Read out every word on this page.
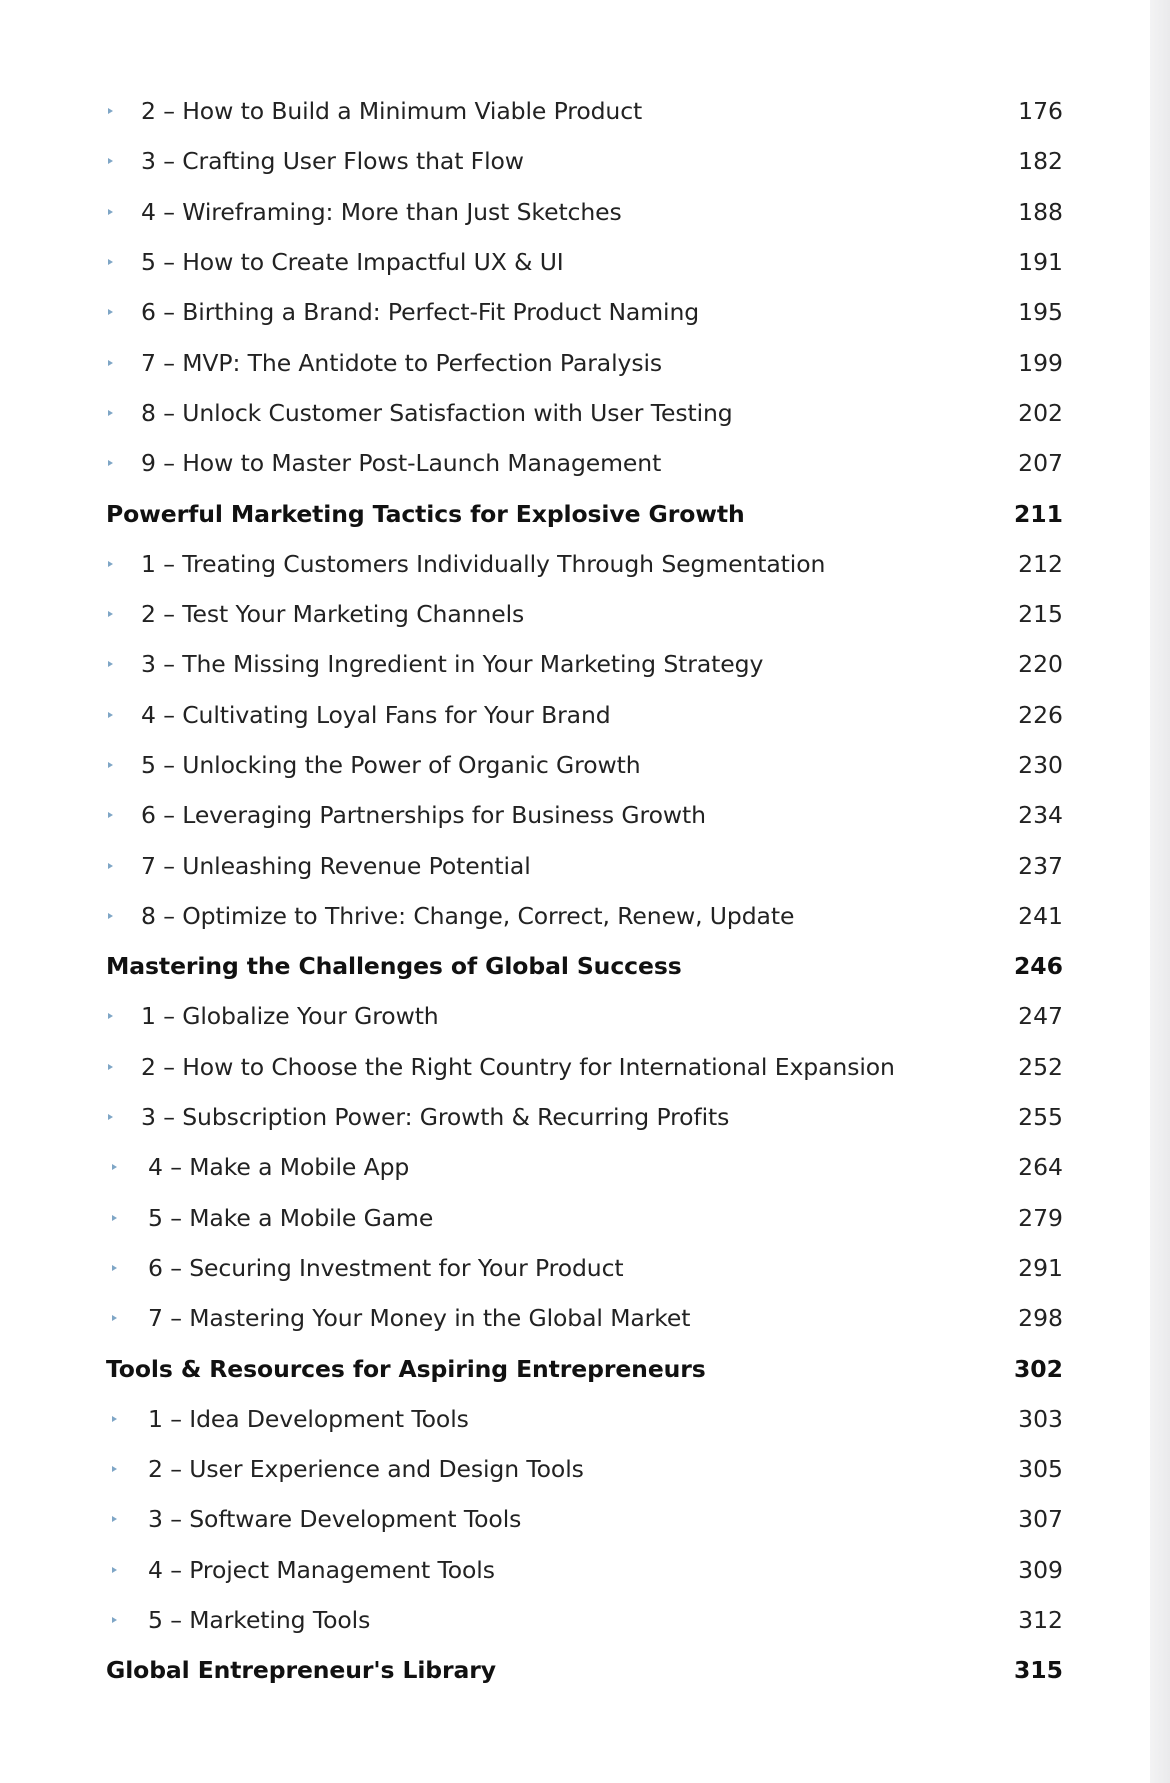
2 – How to Build a Minimum Viable Product	176
3 – Crafting User Flows that Flow	182
4 – Wireframing: More than Just Sketches	188
5 – How to Create Impactful UX & UI	191
6 – Birthing a Brand: Perfect-Fit Product Naming	195
7 – MVP: The Antidote to Perfection Paralysis	199
8 – Unlock Customer Satisfaction with User Testing	202
9 – How to Master Post-Launch Management	207
Powerful Marketing Tactics for Explosive Growth	211
1 – Treating Customers Individually Through Segmentation	212
2 – Test Your Marketing Channels	215
3 – The Missing Ingredient in Your Marketing Strategy	220
4 – Cultivating Loyal Fans for Your Brand	226
5 – Unlocking the Power of Organic Growth	230
6 – Leveraging Partnerships for Business Growth	234
7 – Unleashing Revenue Potential	237
8 – Optimize to Thrive: Change, Correct, Renew, Update	241
Mastering the Challenges of Global Success	246
1 – Globalize Your Growth	247
2 – How to Choose the Right Country for International Expansion	252
3 – Subscription Power: Growth & Recurring Profits	255
4 – Make a Mobile App	264
5 – Make a Mobile Game	279
6 – Securing Investment for Your Product	291
7 – Mastering Your Money in the Global Market	298
Tools & Resources for Aspiring Entrepreneurs	302
1 – Idea Development Tools	303
2 – User Experience and Design Tools	305
3 – Software Development Tools	307
4 – Project Management Tools	309
5 – Marketing Tools	312
Global Entrepreneur's Library	315
